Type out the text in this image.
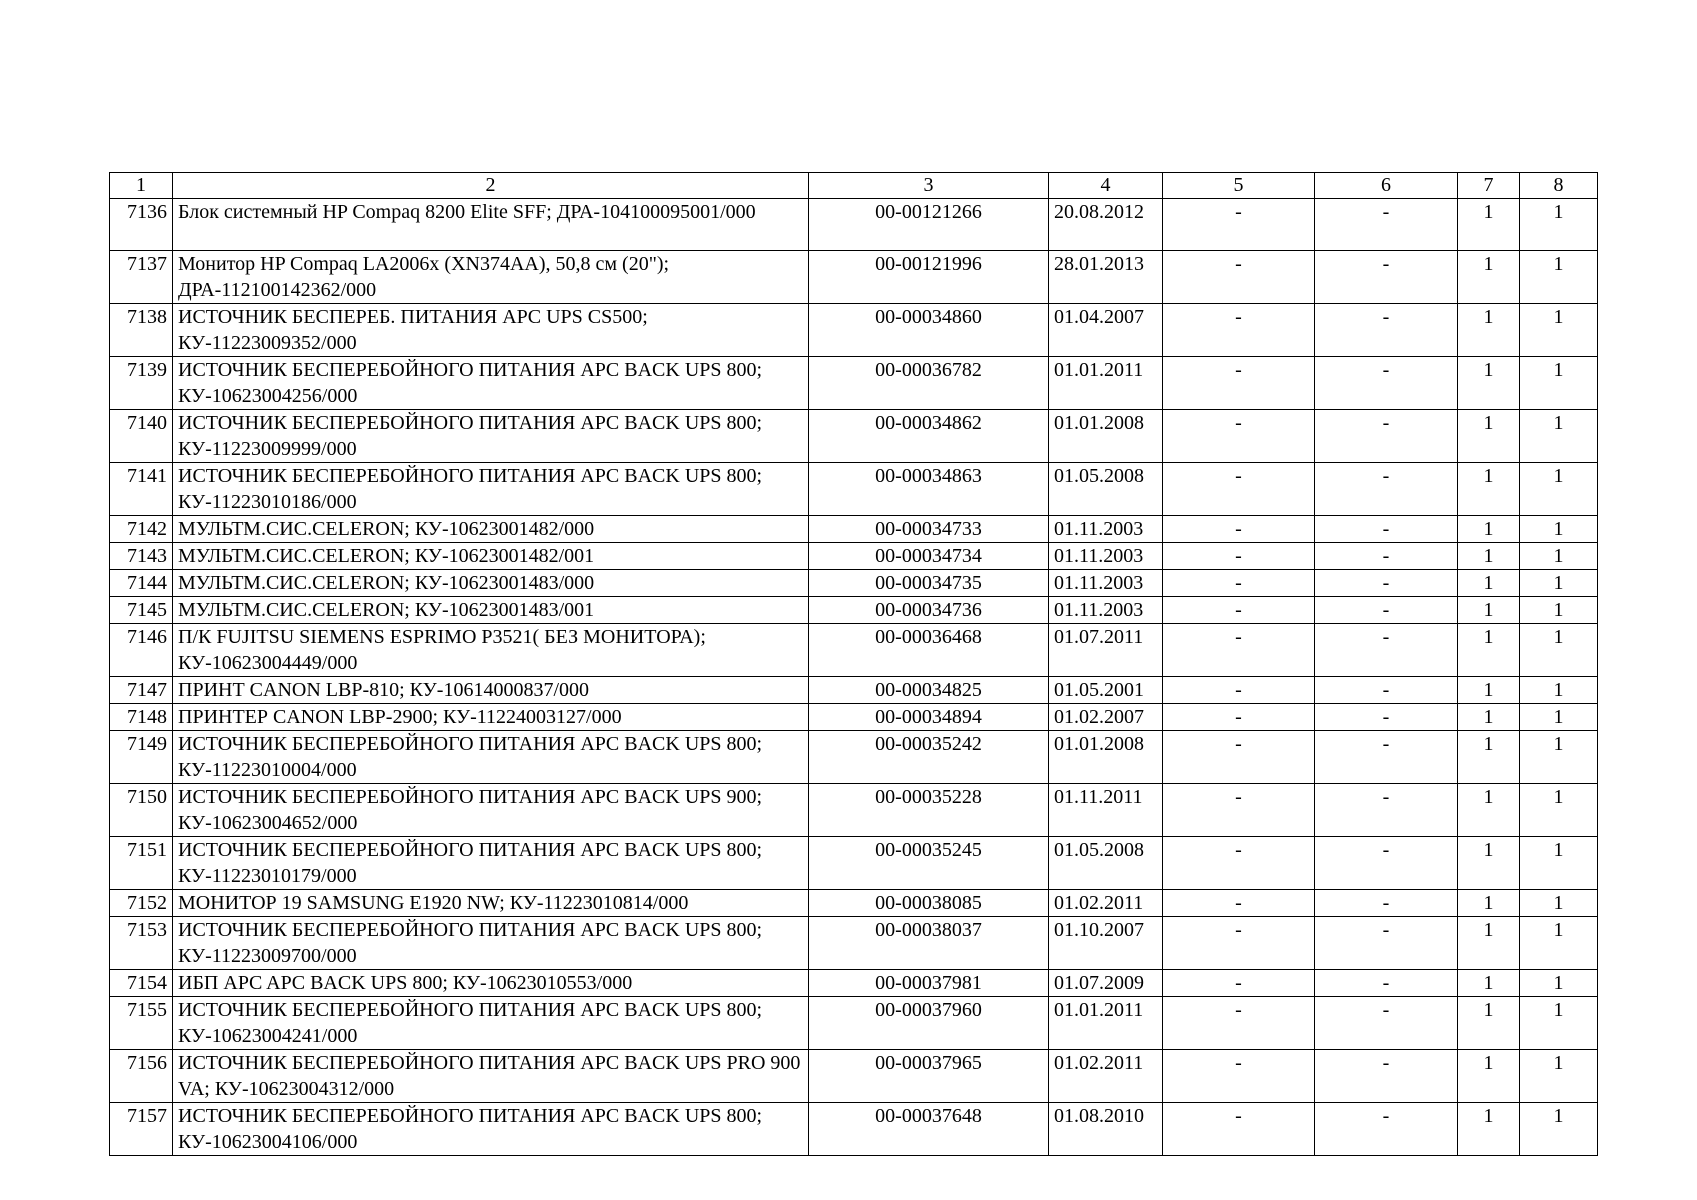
1	2	3	4	5	6	7	8
7136	Блок системный HP Compaq 8200 Elite SFF; ДРА-104100095001/000	00-00121266	20.08.2012	-	-	1	1
7137	Монитор HP Compaq LA2006x (XN374AA), 50,8 см (20"); ДРА-112100142362/000	00-00121996	28.01.2013	-	-	1	1
7138	ИСТОЧНИК БЕСПЕРЕБ. ПИТАНИЯ APC UPS CS500; КУ-11223009352/000	00-00034860	01.04.2007	-	-	1	1
7139	ИСТОЧНИК БЕСПЕРЕБОЙНОГО ПИТАНИЯ APC BACK UPS 800; КУ-10623004256/000	00-00036782	01.01.2011	-	-	1	1
7140	ИСТОЧНИК БЕСПЕРЕБОЙНОГО ПИТАНИЯ APC BACK UPS 800; КУ-11223009999/000	00-00034862	01.01.2008	-	-	1	1
7141	ИСТОЧНИК БЕСПЕРЕБОЙНОГО ПИТАНИЯ APC BACK UPS 800; КУ-11223010186/000	00-00034863	01.05.2008	-	-	1	1
7142	МУЛЬТМ.СИС.CELERON; КУ-10623001482/000	00-00034733	01.11.2003	-	-	1	1
7143	МУЛЬТМ.СИС.CELERON; КУ-10623001482/001	00-00034734	01.11.2003	-	-	1	1
7144	МУЛЬТМ.СИС.CELERON; КУ-10623001483/000	00-00034735	01.11.2003	-	-	1	1
7145	МУЛЬТМ.СИС.CELERON; КУ-10623001483/001	00-00034736	01.11.2003	-	-	1	1
7146	П/К FUJITSU SIEMENS ESPRIMO P3521( БЕЗ МОНИТОРА); КУ-10623004449/000	00-00036468	01.07.2011	-	-	1	1
7147	ПРИНТ CANON LBP-810; КУ-10614000837/000	00-00034825	01.05.2001	-	-	1	1
7148	ПРИНТЕР CANON LBP-2900; КУ-11224003127/000	00-00034894	01.02.2007	-	-	1	1
7149	ИСТОЧНИК БЕСПЕРЕБОЙНОГО ПИТАНИЯ APC BACK UPS 800; КУ-11223010004/000	00-00035242	01.01.2008	-	-	1	1
7150	ИСТОЧНИК БЕСПЕРЕБОЙНОГО ПИТАНИЯ APC BACK UPS 900; КУ-10623004652/000	00-00035228	01.11.2011	-	-	1	1
7151	ИСТОЧНИК БЕСПЕРЕБОЙНОГО ПИТАНИЯ APC BACK UPS 800; КУ-11223010179/000	00-00035245	01.05.2008	-	-	1	1
7152	МОНИТОР 19 SAMSUNG E1920 NW; КУ-11223010814/000	00-00038085	01.02.2011	-	-	1	1
7153	ИСТОЧНИК БЕСПЕРЕБОЙНОГО ПИТАНИЯ APC BACK UPS 800; КУ-11223009700/000	00-00038037	01.10.2007	-	-	1	1
7154	ИБП APC APC BACK UPS 800; КУ-10623010553/000	00-00037981	01.07.2009	-	-	1	1
7155	ИСТОЧНИК БЕСПЕРЕБОЙНОГО ПИТАНИЯ APC BACK UPS 800; КУ-10623004241/000	00-00037960	01.01.2011	-	-	1	1
7156	ИСТОЧНИК БЕСПЕРЕБОЙНОГО ПИТАНИЯ APC BACK UPS PRO 900 VA; КУ-10623004312/000	00-00037965	01.02.2011	-	-	1	1
7157	ИСТОЧНИК БЕСПЕРЕБОЙНОГО ПИТАНИЯ APC BACK UPS 800; КУ-10623004106/000	00-00037648	01.08.2010	-	-	1	1
